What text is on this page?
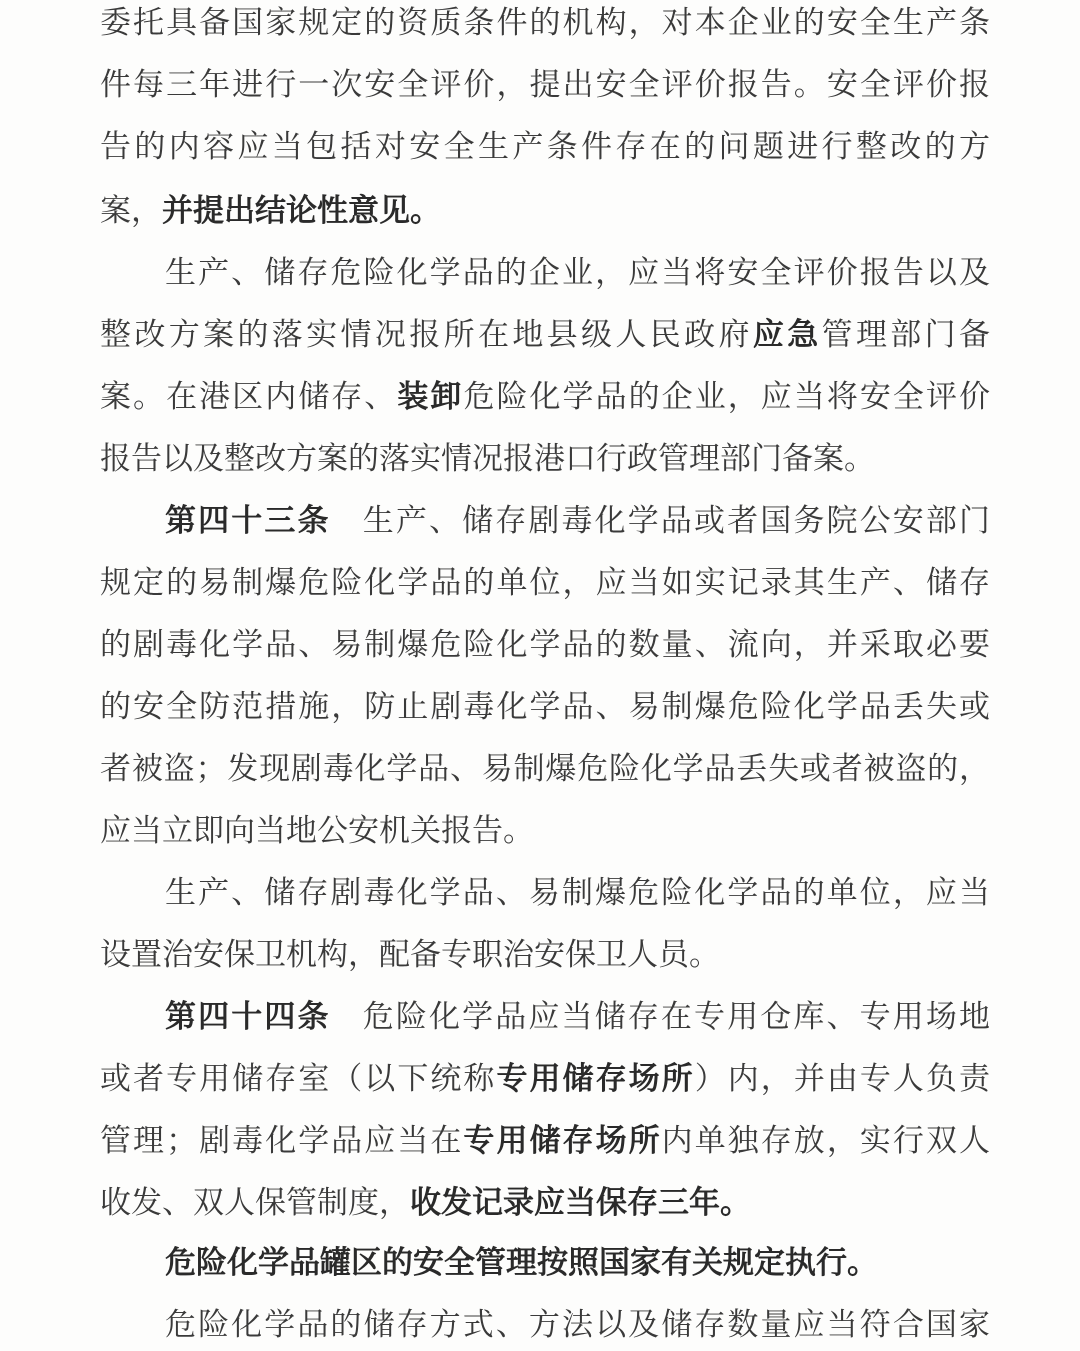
委托具备国家规定的资质条件的机构，对本企业的安全生产条
件每三年进行一次安全评价，提出安全评价报告。安全评价报
告的内容应当包括对安全生产条件存在的问题进行整改的方
案，并提出结论性意见。
生产、储存危险化学品的企业，应当将安全评价报告以及
整改方案的落实情况报所在地县级人民政府应急管理部门备
案。在港区内储存、装卸危险化学品的企业，应当将安全评价
报告以及整改方案的落实情况报港口行政管理部门备案。
第四十三条 生产、储存剧毒化学品或者国务院公安部门
规定的易制爆危险化学品的单位，应当如实记录其生产、储存
的剧毒化学品、易制爆危险化学品的数量、流向，并采取必要
的安全防范措施，防止剧毒化学品、易制爆危险化学品丢失或
者被盗；发现剧毒化学品、易制爆危险化学品丢失或者被盗的，
应当立即向当地公安机关报告。
生产、储存剧毒化学品、易制爆危险化学品的单位，应当
设置治安保卫机构，配备专职治安保卫人员。
第四十四条 危险化学品应当储存在专用仓库、专用场地
或者专用储存室（以下统称专用储存场所）内，并由专人负责
管理；剧毒化学品应当在专用储存场所内单独存放，实行双人
收发、双人保管制度，收发记录应当保存三年。
危险化学品罐区的安全管理按照国家有关规定执行。
危险化学品的储存方式、方法以及储存数量应当符合国家
